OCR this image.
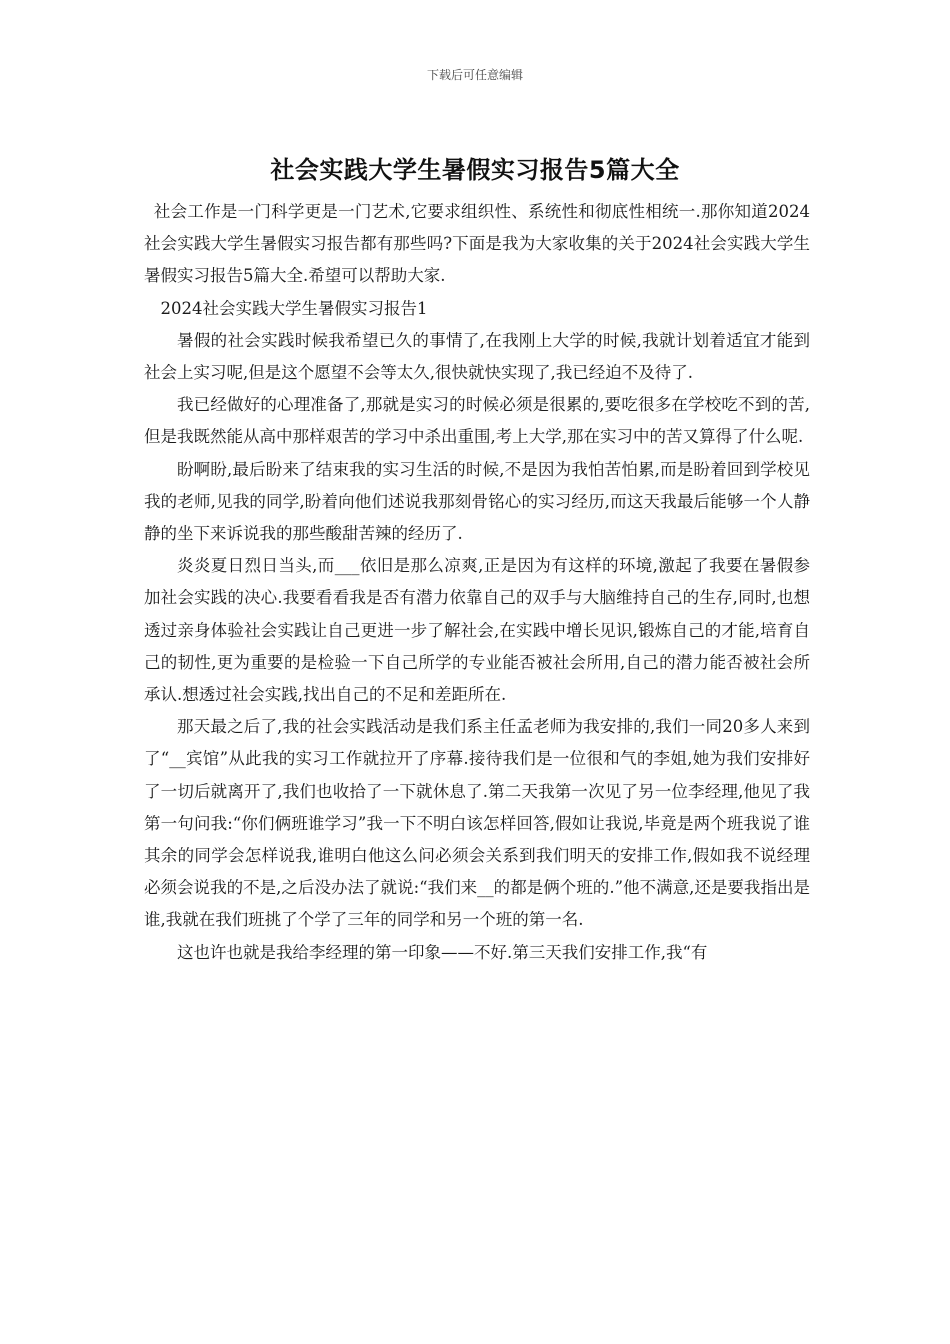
下载后可任意编辑
社会实践大学生暑假实习报告5篇大全

社会工作是一门科学更是一门艺术,它要求组织性、系统性和彻底性相统一.那你知道2024社会实践大学生暑假实习报告都有那些吗?下面是我为大家收集的关于2024社会实践大学生暑假实习报告5篇大全.希望可以帮助大家.

2024社会实践大学生暑假实习报告1

暑假的社会实践时候我希望已久的事情了,在我刚上大学的时候,我就计划着适宜才能到社会上实习呢,但是这个愿望不会等太久,很快就快实现了,我已经迫不及待了.

我已经做好的心理准备了,那就是实习的时候必须是很累的,要吃很多在学校吃不到的苦,但是我既然能从高中那样艰苦的学习中杀出重围,考上大学,那在实习中的苦又算得了什么呢.

盼啊盼,最后盼来了结束我的实习生活的时候,不是因为我怕苦怕累,而是盼着回到学校见我的老师,见我的同学,盼着向他们述说我那刻骨铭心的实习经历,而这天我最后能够一个人静静的坐下来诉说我的那些酸甜苦辣的经历了.

炎炎夏日烈日当头,而___依旧是那么凉爽,正是因为有这样的环境,激起了我要在暑假参加社会实践的决心.我要看看我是否有潜力依靠自己的双手与大脑维持自己的生存,同时,也想透过亲身体验社会实践让自己更进一步了解社会,在实践中增长见识,锻炼自己的才能,培育自己的韧性,更为重要的是检验一下自己所学的专业能否被社会所用,自己的潜力能否被社会所承认.想透过社会实践,找出自己的不足和差距所在.

那天最之后了,我的社会实践活动是我们系主任孟老师为我安排的,我们一同20多人来到了“__宾馆”从此我的实习工作就拉开了序幕.接待我们是一位很和气的李姐,她为我们安排好了一切后就离开了,我们也收拾了一下就休息了.第二天我第一次见了另一位李经理,他见了我第一句问我:“你们俩班谁学习”我一下不明白该怎样回答,假如让我说,毕竟是两个班我说了谁其余的同学会怎样说我,谁明白他这么问必须会关系到我们明天的安排工作,假如我不说经理必须会说我的不是,之后没办法了就说:“我们来__的都是俩个班的.”他不满意,还是要我指出是谁,我就在我们班挑了个学了三年的同学和另一个班的第一名.

这也许也就是我给李经理的第一印象——不好.第三天我们安排工作,我“有
